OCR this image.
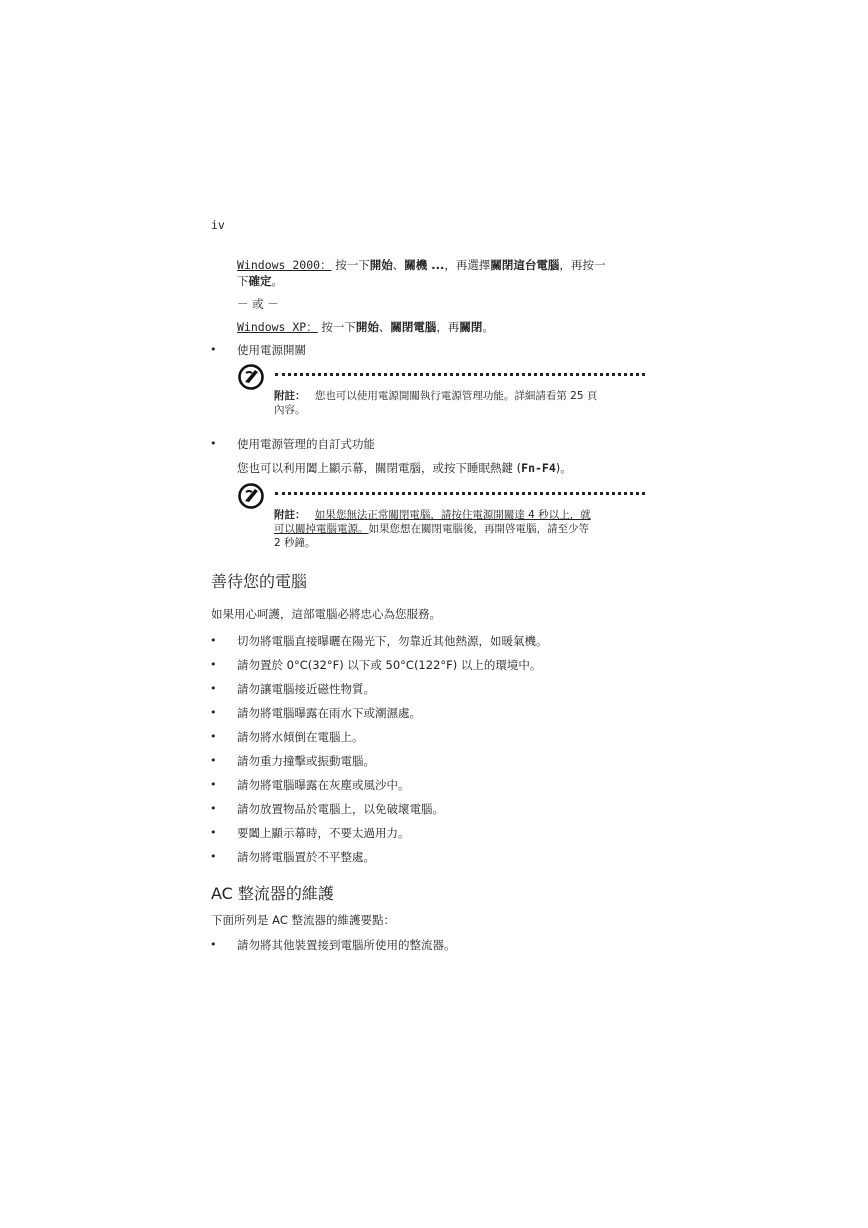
iv
Windows 2000： 按一下開始、關機 ...，再選擇關閉這台電腦，再按一
下確定。
－ 或 －
Windows XP： 按一下開始、關閉電腦，再關閉。
• 使用電源開關
附註： 您也可以使用電源開關執行電源管理功能。詳細請看第 25 頁
內容。
• 使用電源管理的自訂式功能
您也可以利用闔上顯示幕，關閉電腦，或按下睡眠熱鍵 (Fn-F4)。
附註： 如果您無法正常關閉電腦，請按住電源開關達 4 秒以上，就
可以關掉電腦電源。如果您想在關閉電腦後，再開啓電腦，請至少等
2 秒鐘。
善待您的電腦
如果用心呵護，這部電腦必將忠心為您服務。
• 切勿將電腦直接曝曬在陽光下，勿靠近其他熱源，如暖氣機。
• 請勿置於 0°C(32°F) 以下或 50°C(122°F) 以上的環境中。
• 請勿讓電腦接近磁性物質。
• 請勿將電腦曝露在雨水下或潮濕處。
• 請勿將水傾倒在電腦上。
• 請勿重力撞擊或振動電腦。
• 請勿將電腦曝露在灰塵或風沙中。
• 請勿放置物品於電腦上，以免破壞電腦。
• 要闔上顯示幕時，不要太過用力。
• 請勿將電腦置於不平整處。
AC 整流器的維護
下面所列是 AC 整流器的維護要點：
• 請勿將其他裝置接到電腦所使用的整流器。
